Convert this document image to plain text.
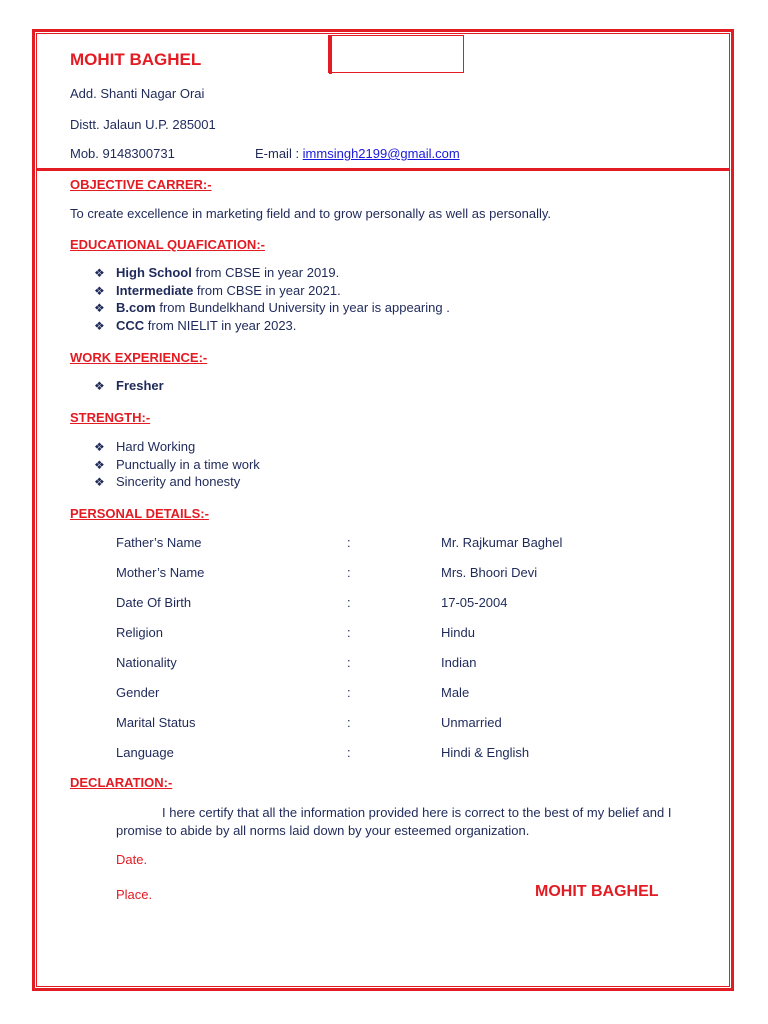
MOHIT BAGHEL
Add. Shanti Nagar Orai
Distt. Jalaun U.P. 285001
Mob. 9148300731	E-mail : immsingh2199@gmail.com
OBJECTIVE CARRER:-
To create excellence in marketing field and to grow personally as well as personally.
EDUCATIONAL QUAFICATION:-
❖ High School from CBSE in year 2019.
❖ Intermediate from CBSE in year 2021.
❖ B.com from Bundelkhand University in year is appearing .
❖ CCC from NIELIT in year 2023.
WORK EXPERIENCE:-
❖ Fresher
STRENGTH:-
❖ Hard Working
❖ Punctually in a time work
❖ Sincerity and honesty
PERSONAL DETAILS:-
Father’s Name	:	Mr. Rajkumar Baghel
Mother’s Name	:	Mrs. Bhoori Devi
Date Of Birth	:	17-05-2004
Religion	:	Hindu
Nationality	:	Indian
Gender	:	Male
Marital Status	:	Unmarried
Language	:	Hindi & English
DECLARATION:-
I here certify that all the information provided here is correct to the best of my belief and I promise to abide by all norms laid down by your esteemed organization.
Date.
Place.	MOHIT BAGHEL
